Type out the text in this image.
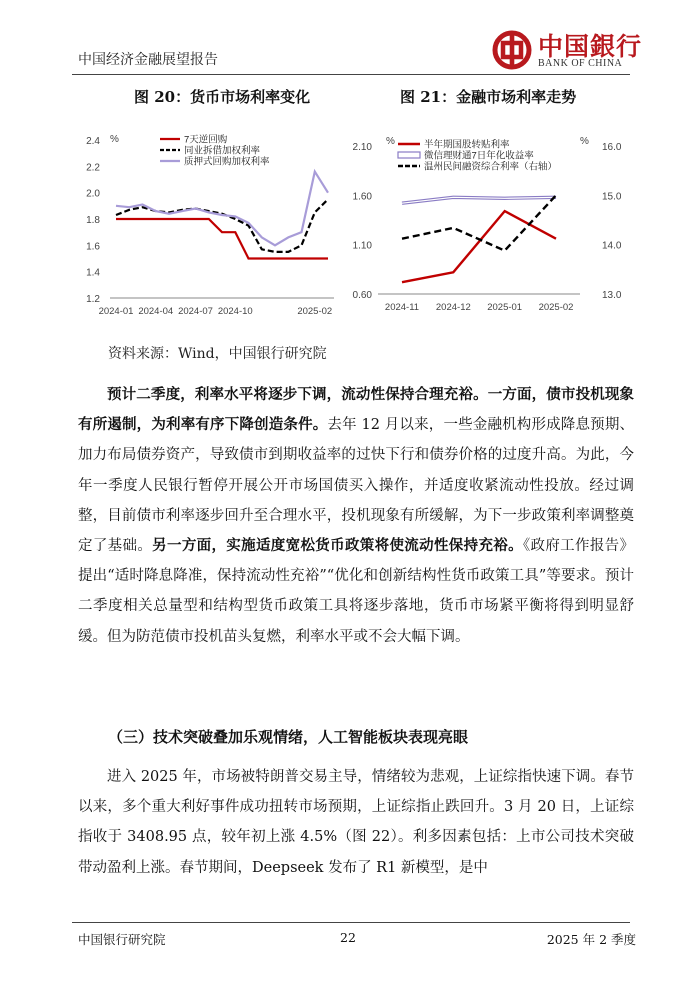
中国经济金融展望报告	中国銀行
BANK OF CHINA
图 20：货币市场利率变化	图 21：金融市场利率走势
1.2
1.4
1.6
1.8
2.0
2.2
2.4 %
2024-01 2024-04 2024-07 2024-10	2025-02
7天逆回购
同业拆借加权利率
质押式回购加权利率
0.60
1.10
1.60
2.10
13.0
14.0
15.0
16.0
%	%
2024-11 2024-12 2025-01 2025-02
半年期国股转贴利率
微信理财通7日年化收益率
温州民间融资综合利率（右轴）
资料来源：Wind，中国银行研究院

预计二季度，利率水平将逐步下调，流动性保持合理充裕。一方面，债市投机现象有所遏制，为利率有序下降创造条件。去年 12 月以来，一些金融机构形成降息预期、加力布局债券资产，导致债市到期收益率的过快下行和债券价格的过度升高。为此，今年一季度人民银行暂停开展公开市场国债买入操作，并适度收紧流动性投放。经过调整，目前债市利率逐步回升至合理水平，投机现象有所缓解，为下一步政策利率调整奠定了基础。另一方面，实施适度宽松货币政策将使流动性保持充裕。《政府工作报告》提出“适时降息降准，保持流动性充裕”“优化和创新结构性货币政策工具”等要求。预计二季度相关总量型和结构型货币政策工具将逐步落地，货币市场紧平衡将得到明显舒缓。但为防范债市投机苗头复燃，利率水平或不会大幅下调。

（三）技术突破叠加乐观情绪，人工智能板块表现亮眼

进入 2025 年，市场被特朗普交易主导，情绪较为悲观，上证综指快速下调。春节以来，多个重大利好事件成功扭转市场预期，上证综指止跌回升。3 月 20 日，上证综指收于 3408.95 点，较年初上涨 4.5%（图 22）。利多因素包括：上市公司技术突破带动盈利上涨。春节期间，Deepseek 发布了 R1 新模型，是中

中国银行研究院	22	2025 年 2 季度
